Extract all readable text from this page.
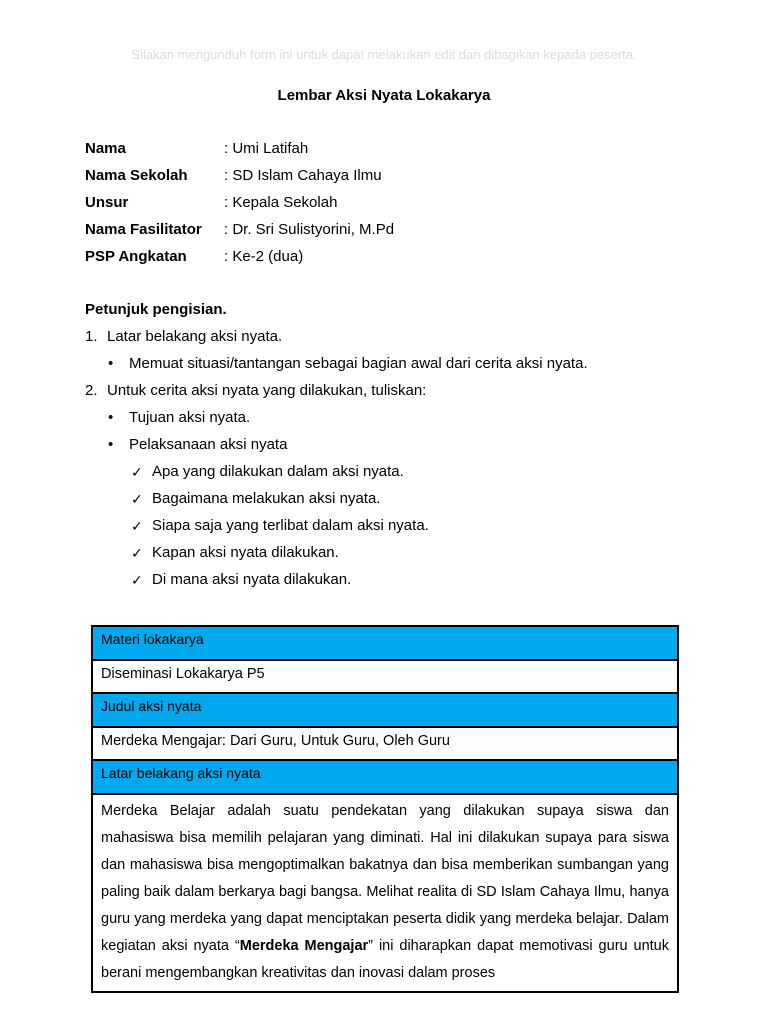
Silakan mengunduh form ini untuk dapat melakukan edit dan dibagikan kepada peserta.
Lembar Aksi Nyata Lokakarya
Nama	: Umi Latifah
Nama Sekolah : SD Islam Cahaya Ilmu
Unsur	: Kepala Sekolah
Nama Fasilitator : Dr. Sri Sulistyorini, M.Pd
PSP Angkatan : Ke-2 (dua)
Petunjuk pengisian.
1. Latar belakang aksi nyata.
• Memuat situasi/tantangan sebagai bagian awal dari cerita aksi nyata.
2. Untuk cerita aksi nyata yang dilakukan, tuliskan:
• Tujuan aksi nyata.
• Pelaksanaan aksi nyata
✓ Apa yang dilakukan dalam aksi nyata.
✓ Bagaimana melakukan aksi nyata.
✓ Siapa saja yang terlibat dalam aksi nyata.
✓ Kapan aksi nyata dilakukan.
✓ Di mana aksi nyata dilakukan.
Materi lokakarya
Diseminasi Lokakarya P5
Judul aksi nyata
Merdeka Mengajar: Dari Guru, Untuk Guru, Oleh Guru
Latar belakang aksi nyata
Merdeka Belajar adalah suatu pendekatan yang dilakukan supaya siswa dan mahasiswa bisa memilih pelajaran yang diminati. Hal ini dilakukan supaya para siswa dan mahasiswa bisa mengoptimalkan bakatnya dan bisa memberikan sumbangan yang paling baik dalam berkarya bagi bangsa. Melihat realita di SD Islam Cahaya Ilmu, hanya guru yang merdeka yang dapat menciptakan peserta didik yang merdeka belajar. Dalam kegiatan aksi nyata “Merdeka Mengajar” ini diharapkan dapat memotivasi guru untuk berani mengembangkan kreativitas dan inovasi dalam proses
